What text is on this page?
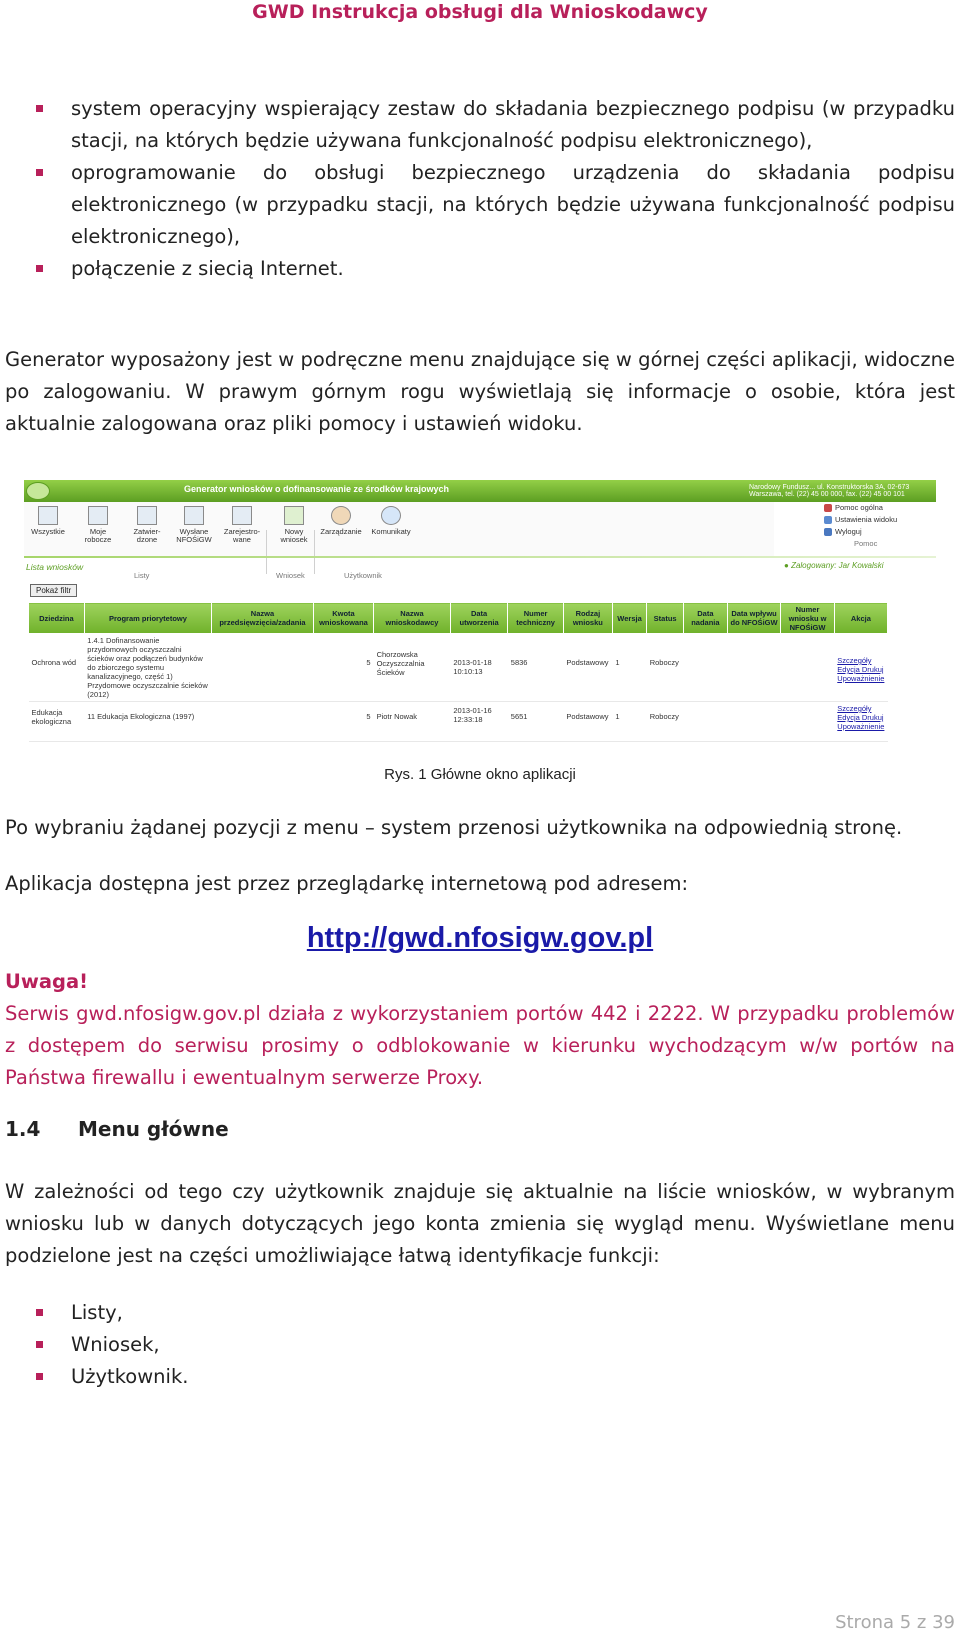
GWD Instrukcja obsługi dla Wnioskodawcy
system operacyjny wspierający zestaw do składania bezpiecznego podpisu (w przypadku stacji, na których będzie używana funkcjonalność podpisu elektronicznego),
oprogramowanie do obsługi bezpiecznego urządzenia do składania podpisu elektronicznego (w przypadku stacji, na których będzie używana funkcjonalność podpisu elektronicznego),
połączenie z siecią Internet.
Generator wyposażony jest w podręczne menu znajdujące się w górnej części aplikacji, widoczne po zalogowaniu. W prawym górnym rogu wyświetlają się informacje o osobie, która jest aktualnie zalogowana oraz pliki pomocy i ustawień widoku.
Generator wniosków o dofinansowanie ze środków krajowych	Narodowy Fundusz... ul. Konstruktorska 3A, 02-673 Warszawa, tel. (22) 45 00 000, fax. (22) 45 00 101
Wszystkie	Moje robocze
Zatwier- dzone
Wysłane NFOŚiGW
Zarejestro- wane
Nowy wniosek
Zarządzanie	Komunikaty
Listy	Wniosek	Użytkownik
Pomoc ogólna
Ustawienia widoku
Wyloguj
Pomoc
Lista wniosków	● Zalogowany: Jar Kowalski
Pokaż filtr
Dziedzina	Program priorytetowy	Nazwa przedsięwzięcia/zadania	Kwota wnioskowana	Nazwa wnioskodawcy	Data utworzenia	Numer techniczny	Rodzaj wniosku	Wersja	Status	Data nadania	Data wpływu do NFOŚiGW	Numer wniosku w NFOŚiGW	Akcja
Ochrona wód	1.4.1 Dofinansowanie przydomowych oczyszczalni ścieków oraz podłączeń budynków do zbiorczego systemu kanalizacyjnego, część 1) Przydomowe oczyszczalnie ścieków (2012)		5	Chorzowska Oczyszczalnia Ścieków	2013-01-18 10:10:13	5836	Podstawowy	1	Roboczy				Szczegóły Edycja Drukuj Upoważnienie
Edukacja ekologiczna	11 Edukacja Ekologiczna (1997)		5	Piotr Nowak	2013-01-16 12:33:18	5651	Podstawowy	1	Roboczy				Szczegóły Edycja Drukuj Upoważnienie
Rys. 1 Główne okno aplikacji
Po wybraniu żądanej pozycji z menu – system przenosi użytkownika na odpowiednią stronę.
Aplikacja dostępna jest przez przeglądarkę internetową pod adresem:
http://gwd.nfosigw.gov.pl
Uwaga!
Serwis gwd.nfosigw.gov.pl działa z wykorzystaniem portów 442 i 2222. W przypadku problemów z dostępem do serwisu prosimy o odblokowanie w kierunku wychodzącym w/w portów na Państwa firewallu i ewentualnym serwerze Proxy.
1.4 Menu główne
W zależności od tego czy użytkownik znajduje się aktualnie na liście wniosków, w wybranym wniosku lub w danych dotyczących jego konta zmienia się wygląd menu. Wyświetlane menu podzielone jest na części umożliwiające łatwą identyfikacje funkcji:
Listy,
Wniosek,
Użytkownik.
Strona 5 z 39
